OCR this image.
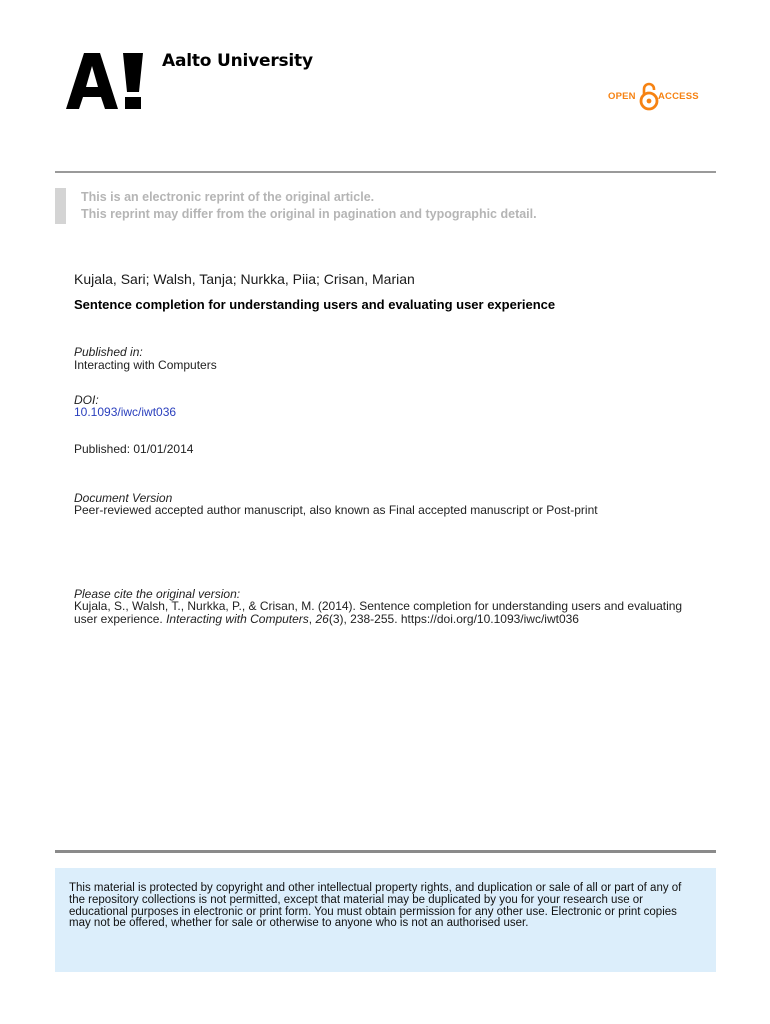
Aalto University
OPEN ACCESS
This is an electronic reprint of the original article.
This reprint may differ from the original in pagination and typographic detail.
Kujala, Sari; Walsh, Tanja; Nurkka, Piia; Crisan, Marian
Sentence completion for understanding users and evaluating user experience
Published in:
Interacting with Computers
DOI:
10.1093/iwc/iwt036
Published: 01/01/2014
Document Version
Peer-reviewed accepted author manuscript, also known as Final accepted manuscript or Post-print
Please cite the original version:
Kujala, S., Walsh, T., Nurkka, P., & Crisan, M. (2014). Sentence completion for understanding users and evaluating user experience. Interacting with Computers, 26(3), 238-255. https://doi.org/10.1093/iwc/iwt036
This material is protected by copyright and other intellectual property rights, and duplication or sale of all or part of any of the repository collections is not permitted, except that material may be duplicated by you for your research use or educational purposes in electronic or print form. You must obtain permission for any other use. Electronic or print copies may not be offered, whether for sale or otherwise to anyone who is not an authorised user.
